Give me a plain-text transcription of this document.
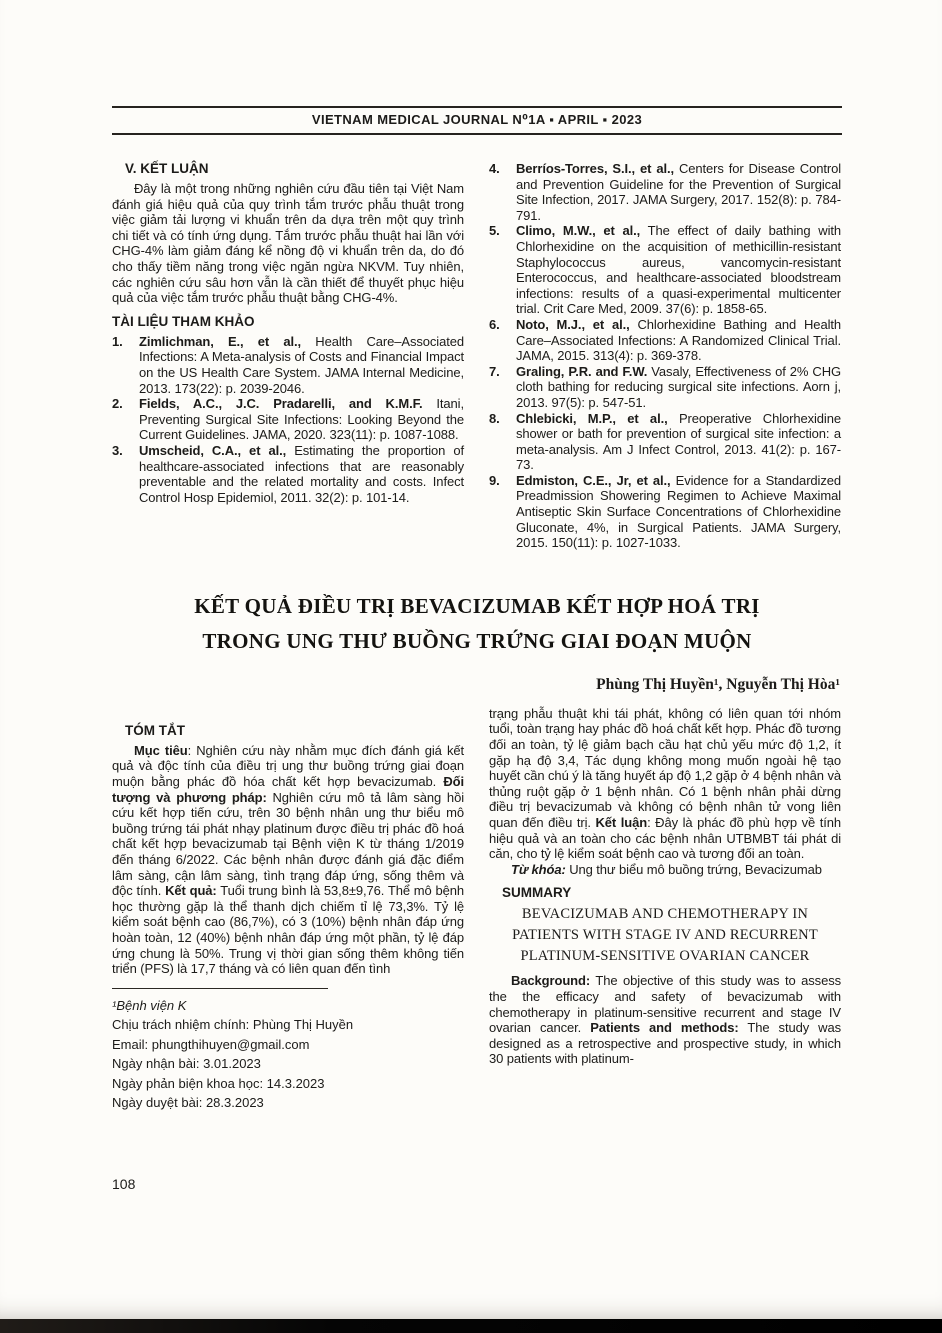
VIETNAM MEDICAL JOURNAL N⁰1A ▪ APRIL ▪ 2023
V. KẾT LUẬN

Đây là một trong những nghiên cứu đầu tiên tại Việt Nam đánh giá hiệu quả của quy trình tắm trước phẫu thuật trong việc giảm tải lượng vi khuẩn trên da dựa trên một quy trình chi tiết và có tính ứng dụng. Tắm trước phẫu thuật hai lần với CHG-4% làm giảm đáng kể nồng độ vi khuẩn trên da, do đó cho thấy tiềm năng trong việc ngăn ngừa NKVM. Tuy nhiên, các nghiên cứu sâu hơn vẫn là cần thiết để thuyết phục hiệu quả của việc tắm trước phẫu thuật bằng CHG-4%.

TÀI LIỆU THAM KHẢO
1. Zimlichman, E., et al., Health Care–Associated Infections: A Meta-analysis of Costs and Financial Impact on the US Health Care System. JAMA Internal Medicine, 2013. 173(22): p. 2039-2046.
2. Fields, A.C., J.C. Pradarelli, and K.M.F. Itani, Preventing Surgical Site Infections: Looking Beyond the Current Guidelines. JAMA, 2020. 323(11): p. 1087-1088.
3. Umscheid, C.A., et al., Estimating the proportion of healthcare-associated infections that are reasonably preventable and the related mortality and costs. Infect Control Hosp Epidemiol, 2011. 32(2): p. 101-14.
4. Berríos-Torres, S.I., et al., Centers for Disease Control and Prevention Guideline for the Prevention of Surgical Site Infection, 2017. JAMA Surgery, 2017. 152(8): p. 784-791.
5. Climo, M.W., et al., The effect of daily bathing with Chlorhexidine on the acquisition of methicillin-resistant Staphylococcus aureus, vancomycin-resistant Enterococcus, and healthcare-associated bloodstream infections: results of a quasi-experimental multicenter trial. Crit Care Med, 2009. 37(6): p. 1858-65.
6. Noto, M.J., et al., Chlorhexidine Bathing and Health Care–Associated Infections: A Randomized Clinical Trial. JAMA, 2015. 313(4): p. 369-378.
7. Graling, P.R. and F.W. Vasaly, Effectiveness of 2% CHG cloth bathing for reducing surgical site infections. Aorn j, 2013. 97(5): p. 547-51.
8. Chlebicki, M.P., et al., Preoperative Chlorhexidine shower or bath for prevention of surgical site infection: a meta-analysis. Am J Infect Control, 2013. 41(2): p. 167-73.
9. Edmiston, C.E., Jr, et al., Evidence for a Standardized Preadmission Showering Regimen to Achieve Maximal Antiseptic Skin Surface Concentrations of Chlorhexidine Gluconate, 4%, in Surgical Patients. JAMA Surgery, 2015. 150(11): p. 1027-1033.
KẾT QUẢ ĐIỀU TRỊ BEVACIZUMAB KẾT HỢP HOÁ TRỊ
TRONG UNG THƯ BUỒNG TRỨNG GIAI ĐOẠN MUỘN
Phùng Thị Huyền¹, Nguyễn Thị Hòa¹
TÓM TẮT

Mục tiêu: Nghiên cứu này nhằm mục đích đánh giá kết quả và độc tính của điều trị ung thư buồng trứng giai đoạn muộn bằng phác đồ hóa chất kết hợp bevacizumab. Đối tượng và phương pháp: Nghiên cứu mô tả lâm sàng hồi cứu kết hợp tiến cứu, trên 30 bệnh nhân ung thư biểu mô buồng trứng tái phát nhạy platinum được điều trị phác đồ hoá chất kết hợp bevacizumab tại Bệnh viện K từ tháng 1/2019 đến tháng 6/2022. Các bệnh nhân được đánh giá đặc điểm lâm sàng, cận lâm sàng, tình trạng đáp ứng, sống thêm và độc tính. Kết quả: Tuổi trung bình là 53,8±9,76. Thể mô bệnh học thường gặp là thể thanh dịch chiếm tỉ lệ 73,3%. Tỷ lệ kiểm soát bệnh cao (86,7%), có 3 (10%) bệnh nhân đáp ứng hoàn toàn, 12 (40%) bệnh nhân đáp ứng một phần, tỷ lệ đáp ứng chung là 50%. Trung vị thời gian sống thêm không tiến triển (PFS) là 17,7 tháng và có liên quan đến tình

¹Bệnh viện K
Chịu trách nhiệm chính: Phùng Thị Huyền
Email: phungthihuyen@gmail.com
Ngày nhận bài: 3.01.2023
Ngày phản biện khoa học: 14.3.2023
Ngày duyệt bài: 28.3.2023

trạng phẫu thuật khi tái phát, không có liên quan tới nhóm tuổi, toàn trạng hay phác đồ hoá chất kết hợp. Phác đồ tương đối an toàn, tỷ lệ giảm bạch cầu hạt chủ yếu mức độ 1,2, ít gặp hạ độ 3,4, Tác dụng không mong muốn ngoài hệ tạo huyết cần chú ý là tăng huyết áp độ 1,2 gặp ở 4 bệnh nhân và thủng ruột gặp ở 1 bệnh nhân. Có 1 bệnh nhân phải dừng điều trị bevacizumab và không có bệnh nhân tử vong liên quan đến điều trị. Kết luận: Đây là phác đồ phù hợp về tính hiệu quả và an toàn cho các bệnh nhân UTBMBT tái phát di căn, cho tỷ lệ kiểm soát bệnh cao và tương đối an toàn.

Từ khóa: Ung thư biểu mô buồng trứng, Bevacizumab

SUMMARY
BEVACIZUMAB AND CHEMOTHERAPY IN PATIENTS WITH STAGE IV AND RECURRENT PLATINUM-SENSITIVE OVARIAN CANCER

Background: The objective of this study was to assess the the efficacy and safety of bevacizumab with chemotherapy in platinum-sensitive recurrent and stage IV ovarian cancer. Patients and methods: The study was designed as a retrospective and prospective study, in which 30 patients with platinum-

108
